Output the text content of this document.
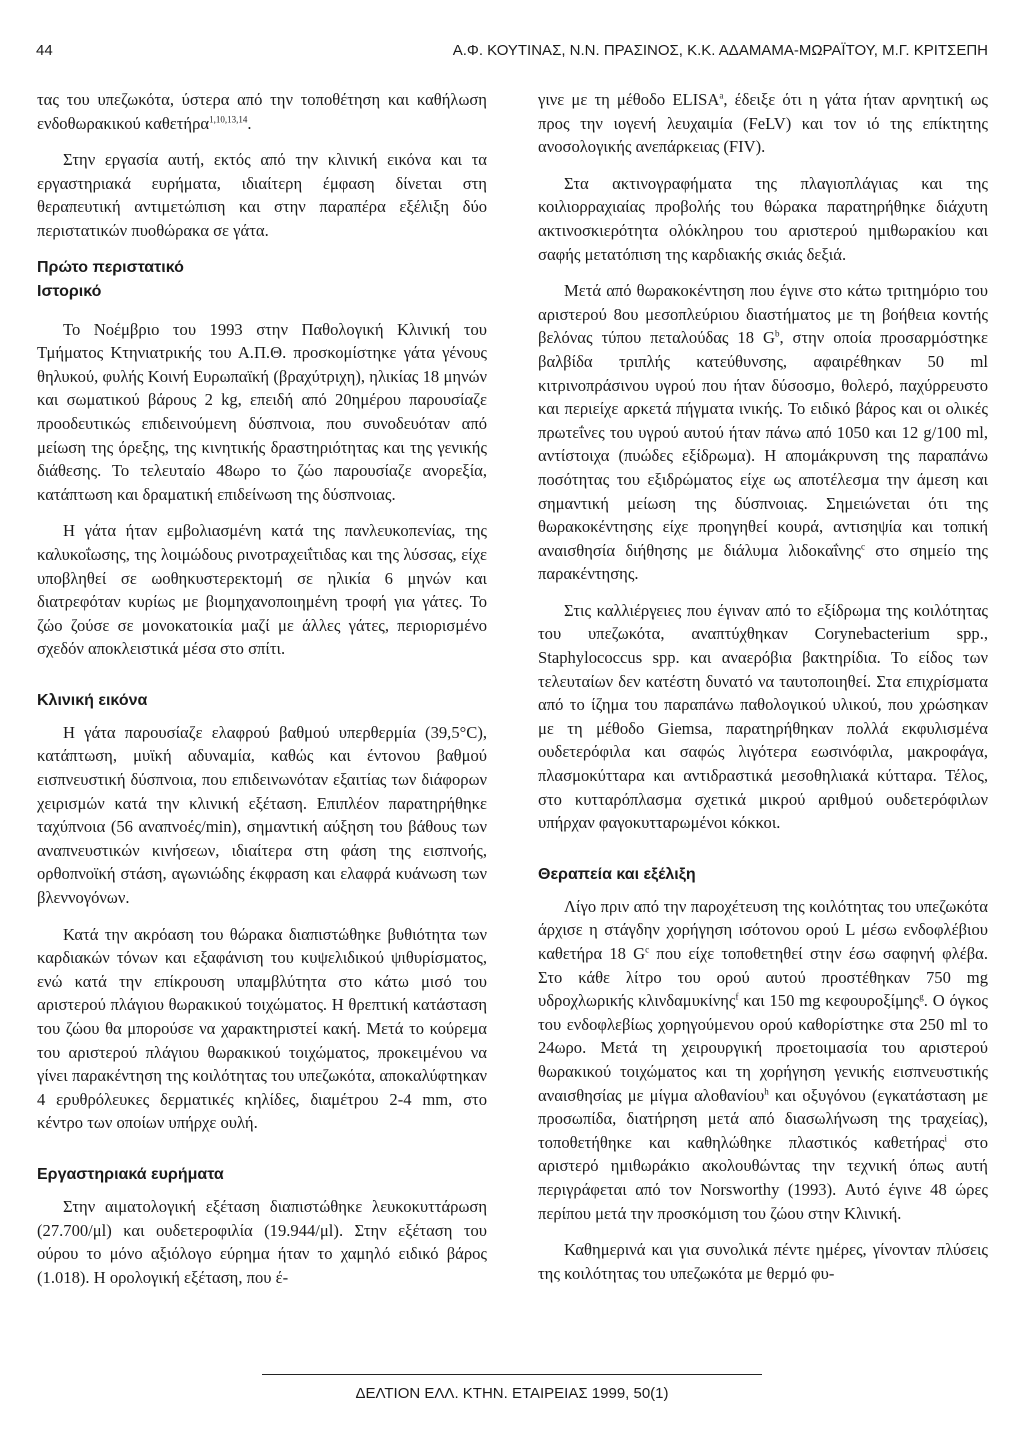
44	Α.Φ. ΚΟΥΤΙΝΑΣ, Ν.Ν. ΠΡΑΣΙΝΟΣ, Κ.Κ. ΑΔΑΜΑΜΑ-ΜΩΡΑΪΤΟΥ, Μ.Γ. ΚΡΙΤΣΕΠΗ

τας του υπεζωκότα, ύστερα από την τοποθέτηση και καθήλωση ενδοθωρακικού καθετήρα$^{1,10,13,14}$.

Στην εργασία αυτή, εκτός από την κλινική εικόνα και τα εργαστηριακά ευρήματα, ιδιαίτερη έμφαση δίνεται στη θεραπευτική αντιμετώπιση και στην παραπέρα εξέλιξη δύο περιστατικών πυοθώρακα σε γάτα.

Πρώτο περιστατικό
Ιστορικό

Το Νοέμβριο του 1993 στην Παθολογική Κλινική του Τμήματος Κτηνιατρικής του Α.Π.Θ. προσκομίστηκε γάτα γένους θηλυκού, φυλής Κοινή Ευρωπαϊκή (βραχύτριχη), ηλικίας 18 μηνών και σωματικού βάρους 2 kg, επειδή από 20ημέρου παρουσίαζε προοδευτικώς επιδεινούμενη δύσπνοια, που συνοδευόταν από μείωση της όρεξης, της κινητικής δραστηριότητας και της γενικής διάθεσης. Το τελευταίο 48ωρο το ζώο παρουσίαζε ανορεξία, κατάπτωση και δραματική επιδείνωση της δύσπνοιας.

Η γάτα ήταν εμβολιασμένη κατά της πανλευκοπενίας, της καλυκοΐωσης, της λοιμώδους ρινοτραχειΐτιδας και της λύσσας, είχε υποβληθεί σε ωοθηκυστερεκτομή σε ηλικία 6 μηνών και διατρεφόταν κυρίως με βιομηχανοποιημένη τροφή για γάτες. Το ζώο ζούσε σε μονοκατοικία μαζί με άλλες γάτες, περιορισμένο σχεδόν αποκλειστικά μέσα στο σπίτι.

Κλινική εικόνα

Η γάτα παρουσίαζε ελαφρού βαθμού υπερθερμία (39,5°C), κατάπτωση, μυϊκή αδυναμία, καθώς και έντονου βαθμού εισπνευστική δύσπνοια, που επιδεινωνόταν εξαιτίας των διάφορων χειρισμών κατά την κλινική εξέταση. Επιπλέον παρατηρήθηκε ταχύπνοια (56 αναπνοές/min), σημαντική αύξηση του βάθους των αναπνευστικών κινήσεων, ιδιαίτερα στη φάση της εισπνοής, ορθοπνοϊκή στάση, αγωνιώδης έκφραση και ελαφρά κυάνωση των βλεννογόνων.

Κατά την ακρόαση του θώρακα διαπιστώθηκε βυθιότητα των καρδιακών τόνων και εξαφάνιση του κυψελιδικού ψιθυρίσματος, ενώ κατά την επίκρουση υπαμβλύτητα στο κάτω μισό του αριστερού πλάγιου θωρακικού τοιχώματος. Η θρεπτική κατάσταση του ζώου θα μπορούσε να χαρακτηριστεί κακή. Μετά το κούρεμα του αριστερού πλάγιου θωρακικού τοιχώματος, προκειμένου να γίνει παρακέντηση της κοιλότητας του υπεζωκότα, αποκαλύφτηκαν 4 ερυθρόλευκες δερματικές κηλίδες, διαμέτρου 2-4 mm, στο κέντρο των οποίων υπήρχε ουλή.

Εργαστηριακά ευρήματα

Στην αιματολογική εξέταση διαπιστώθηκε λευκοκυττάρωση (27.700/μl) και ουδετεροφιλία (19.944/μl). Στην εξέταση του ούρου το μόνο αξιόλογο εύρημα ήταν το χαμηλό ειδικό βάρος (1.018). Η ορολογική εξέταση, που έ-

γινε με τη μέθοδο ELISA$^a$, έδειξε ότι η γάτα ήταν αρνητική ως προς την ιογενή λευχαιμία (FeLV) και τον ιό της επίκτητης ανοσολογικής ανεπάρκειας (FIV).

Στα ακτινογραφήματα της πλαγιοπλάγιας και της κοιλιορραχιαίας προβολής του θώρακα παρατηρήθηκε διάχυτη ακτινοσκιερότητα ολόκληρου του αριστερού ημιθωρακίου και σαφής μετατόπιση της καρδιακής σκιάς δεξιά.

Μετά από θωρακοκέντηση που έγινε στο κάτω τριτημόριο του αριστερού 8ου μεσοπλεύριου διαστήματος με τη βοήθεια κοντής βελόνας τύπου πεταλούδας 18 $G^b$, στην οποία προσαρμόστηκε βαλβίδα τριπλής κατεύθυνσης, αφαιρέθηκαν 50 ml κιτρινοπράσινου υγρού που ήταν δύσοσμο, θολερό, παχύρρευστο και περιείχε αρκετά πήγματα ινικής. Το ειδικό βάρος και οι ολικές πρωτεΐνες του υγρού αυτού ήταν πάνω από 1050 και 12 g/100 ml, αντίστοιχα (πυώδες εξίδρωμα). Η απομάκρυνση της παραπάνω ποσότητας του εξιδρώματος είχε ως αποτέλεσμα την άμεση και σημαντική μείωση της δύσπνοιας. Σημειώνεται ότι της θωρακοκέντησης είχε προηγηθεί κουρά, αντισηψία και τοπική αναισθησία διήθησης με διάλυμα λιδοκαΐνης$^c$ στο σημείο της παρακέντησης.

Στις καλλιέργειες που έγιναν από το εξίδρωμα της κοιλότητας του υπεζωκότα, αναπτύχθηκαν Corynebacterium spp., Staphylococcus spp. και αναερόβια βακτηρίδια. Το είδος των τελευταίων δεν κατέστη δυνατό να ταυτοποιηθεί. Στα επιχρίσματα από το ίζημα του παραπάνω παθολογικού υλικού, που χρώσηκαν με τη μέθοδο Giemsa, παρατηρήθηκαν πολλά εκφυλισμένα ουδετερόφιλα και σαφώς λιγότερα εωσινόφιλα, μακροφάγα, πλασμοκύτταρα και αντιδραστικά μεσοθηλιακά κύτταρα. Τέλος, στο κυτταρόπλασμα σχετικά μικρού αριθμού ουδετερόφιλων υπήρχαν φαγοκυτταρωμένοι κόκκοι.

Θεραπεία και εξέλιξη

Λίγο πριν από την παροχέτευση της κοιλότητας του υπεζωκότα άρχισε η στάγδην χορήγηση ισότονου ορού L μέσω ενδοφλέβιου καθετήρα 18 $G^c$ που είχε τοποθετηθεί στην έσω σαφηνή φλέβα. Στο κάθε λίτρο του ορού αυτού προστέθηκαν 750 mg υδροχλωρικής κλινδαμυκίνης$^f$ και 150 mg κεφουροξίμης$^g$. Ο όγκος του ενδοφλεβίως χορηγούμενου ορού καθορίστηκε στα 250 ml το 24ωρο. Μετά τη χειρουργική προετοιμασία του αριστερού θωρακικού τοιχώματος και τη χορήγηση γενικής εισπνευστικής αναισθησίας με μίγμα αλοθανίου$^h$ και οξυγόνου (εγκατάσταση με προσωπίδα, διατήρηση μετά από διασωλήνωση της τραχείας), τοποθετήθηκε και καθηλώθηκε πλαστικός καθετήρας$^i$ στο αριστερό ημιθωράκιο ακολουθώντας την τεχνική όπως αυτή περιγράφεται από τον Norsworthy (1993). Αυτό έγινε 48 ώρες περίπου μετά την προσκόμιση του ζώου στην Κλινική.

Καθημερινά και για συνολικά πέντε ημέρες, γίνονταν πλύσεις της κοιλότητας του υπεζωκότα με θερμό φυ-

ΔΕΛΤΙΟΝ ΕΛΛ. ΚΤΗΝ. ΕΤΑΙΡΕΙΑΣ 1999, 50(1)
